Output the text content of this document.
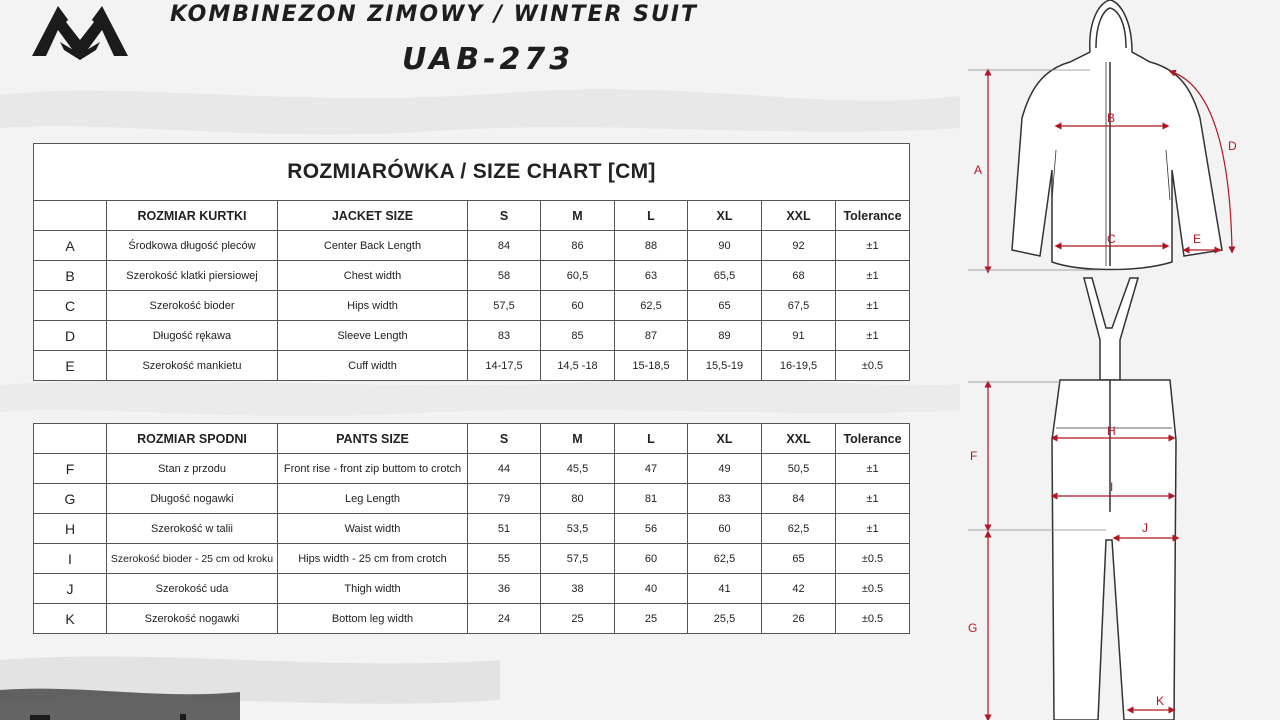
KOMBINEZON ZIMOWY / WINTER SUIT
UAB-273
ROZMIARÓWKA / SIZE CHART [CM]								
	ROZMIAR KURTKI	JACKET SIZE	S	M	L	XL	XXL	Tolerance
A	Środkowa długość pleców	Center Back Length	84	86	88	90	92	±1
B	Szerokość klatki piersiowej	Chest width	58	60,5	63	65,5	68	±1
C	Szerokość bioder	Hips width	57,5	60	62,5	65	67,5	±1
D	Długość rękawa	Sleeve Length	83	85	87	89	91	±1
E	Szerokość mankietu	Cuff width	14-17,5	14,5 -18	15-18,5	15,5-19	16-19,5	±0.5
	ROZMIAR SPODNI	PANTS SIZE	S	M	L	XL	XXL	Tolerance
F	Stan z przodu	Front rise - front zip buttom to crotch	44	45,5	47	49	50,5	±1
G	Długość nogawki	Leg Length	79	80	81	83	84	±1
H	Szerokość w talii	Waist width	51	53,5	56	60	62,5	±1
I	Szerokość bioder - 25 cm od kroku	Hips width - 25 cm from crotch	55	57,5	60	62,5	65	±0.5
J	Szerokość uda	Thigh width	36	38	40	41	42	±0.5
K	Szerokość nogawki	Bottom leg width	24	25	25	25,5	26	±0.5
A
B
C
D
E
F
G
H
I
J
K
